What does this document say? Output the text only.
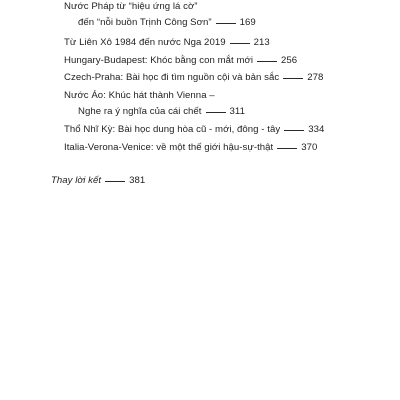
Nước Pháp từ “hiệu ứng lá cờ”
đến “nỗi buồn Trịnh Công Sơn”	169
Từ Liên Xô 1984 đến nước Nga 2019	213
Hungary-Budapest: Khóc bằng con mắt mới	256
Czech-Praha: Bài học đi tìm nguồn cội và bản sắc	278
Nước Áo: Khúc hát thành Vienna –
Nghe ra ý nghĩa của cái chết	311
Thổ Nhĩ Kỳ: Bài học dung hòa cũ - mới, đông - tây	334
Italia-Verona-Venice: về một thế giới hậu-sự-thật	370
Thay lời kết	381
